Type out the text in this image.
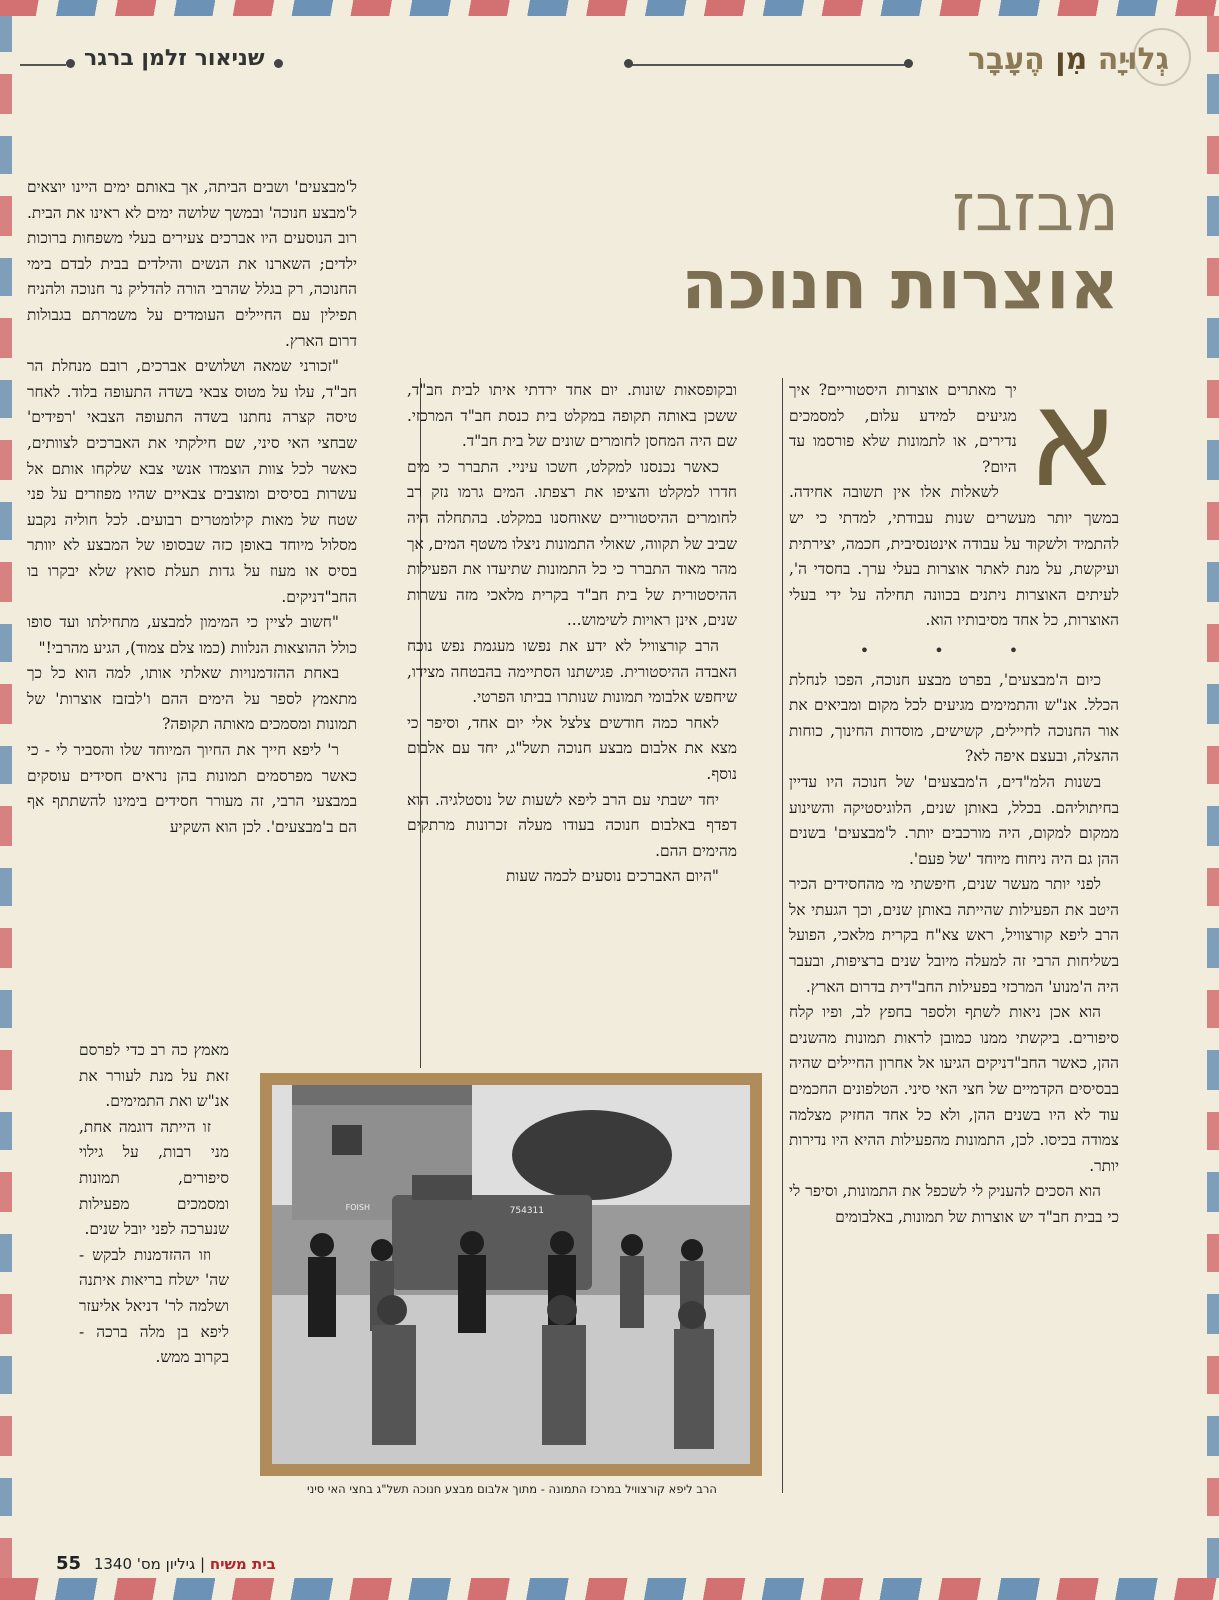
גְלוּיָה מִן הֶעָבָר
שניאור זלמן ברגר
מבזבז
אוצרות חנוכה
א

יך מאתרים אוצרות היסטוריים? איך מגיעים למידע עלום, למסמכים נדירים, או לתמונות שלא פורסמו עד היום?

לשאלות אלו אין תשובה אחידה. במשך יותר מעשרים שנות עבודתי, למדתי כי יש להתמיד ולשקוד על עבודה אינטנסיבית, חכמה, יצירתית ועיקשת, על מנת לאתר אוצרות בעלי ערך. בחסדי ה', לעיתים האוצרות ניתנים בכוונה תחילה על ידי בעלי האוצרות, כל אחד מסיבותיו הוא.

• • •

כיום ה'מבצעים', בפרט מבצע חנוכה, הפכו לנחלת הכלל. אנ"ש והתמימים מגיעים לכל מקום ומביאים את אור החנוכה לחיילים, קשישים, מוסדות החינוך, כוחות ההצלה, ובעצם איפה לא?

בשנות הלמ"דים, ה'מבצעים' של חנוכה היו עדיין בחיתוליהם. בכלל, באותן שנים, הלוגיסטיקה והשינוע ממקום למקום, היה מורכבים יותר. ל'מבצעים' בשנים ההן גם היה ניחוח מיוחד 'של פעם'.

לפני יותר מעשר שנים, חיפשתי מי מהחסידים הכיר היטב את הפעילות שהייתה באותן שנים, וכך הגעתי אל הרב ליפא קורצוויל, ראש צא"ח בקרית מלאכי, הפועל בשליחות הרבי זה למעלה מיובל שנים ברציפות, ובעבר היה ה'מנוע' המרכזי בפעילות החב"דית בדרום הארץ.

הוא אכן ניאות לשתף ולספר בחפץ לב, ופיו קלח סיפורים. ביקשתי ממנו כמובן לראות תמונות מהשנים ההן, כאשר החב"דניקים הגיעו אל אחרון החיילים שהיה בבסיסים הקדמיים של חצי האי סיני. הטלפונים החכמים עוד לא היו בשנים ההן, ולא כל אחד החזיק מצלמה צמודה בכיסו. לכן, התמונות מהפעילות ההיא היו נדירות יותר.

הוא הסכים להעניק לי לשכפל את התמונות, וסיפר לי כי בבית חב"ד יש אוצרות של תמונות, באלבומים

ובקופסאות שונות. יום אחד ירדתי איתו לבית חב"ד, ששכן באותה תקופה במקלט בית כנסת חב"ד המרכזי. שם היה המחסן לחומרים שונים של בית חב"ד.

כאשר נכנסנו למקלט, חשכו עיניי. התברר כי מים חדרו למקלט והציפו את רצפתו. המים גרמו נזק רב לחומרים ההיסטוריים שאוחסנו במקלט. בהתחלה היה שביב של תקווה, שאולי התמונות ניצלו משטף המים, אך מהר מאוד התברר כי כל התמונות שתיעדו את הפעילות ההיסטורית של בית חב"ד בקרית מלאכי מזה עשרות שנים, אינן ראויות לשימוש...

הרב קורצוויל לא ידע את נפשו מעגמת נפש נוכח האבדה ההיסטורית. פגישתנו הסתיימה בהבטחה מצידו, שיחפש אלבומי תמונות שנותרו בביתו הפרטי.

לאחר כמה חודשים צלצל אלי יום אחד, וסיפר כי מצא את אלבום מבצע חנוכה תשל"ג, יחד עם אלבום נוסף.

יחד ישבתי עם הרב ליפא לשעות של נוסטלגיה. הוא דפדף באלבום חנוכה בעודו מעלה זכרונות מרתקים מהימים ההם.

"היום האברכים נוסעים לכמה שעות

ל'מבצעים' ושבים הביתה, אך באותם ימים היינו יוצאים ל'מבצע חנוכה' ובמשך שלושה ימים לא ראינו את הבית. רוב הנוסעים היו אברכים צעירים בעלי משפחות ברוכות ילדים; השארנו את הנשים והילדים בבית לבדם בימי החנוכה, רק בגלל שהרבי הורה להדליק נר חנוכה ולהניח תפילין עם החיילים העומדים על משמרתם בגבולות דרום הארץ.

"זכורני שמאה ושלושים אברכים, רובם מנחלת הר חב"ד, עלו על מטוס צבאי בשדה התעופה בלוד. לאחר טיסה קצרה נחתנו בשדה התעופה הצבאי 'רפידים' שבחצי האי סיני, שם חילקתי את האברכים לצוותים, כאשר לכל צוות הוצמדו אנשי צבא שלקחו אותם אל עשרות בסיסים ומוצבים צבאיים שהיו מפוזרים על פני שטח של מאות קילומטרים רבועים. לכל חוליה נקבע מסלול מיוחד באופן כזה שבסופו של המבצע לא יוותר בסיס או מעוז על גדות תעלת סואץ שלא יבקרו בו החב"דניקים.

"חשוב לציין כי המימון למבצע, מתחילתו ועד סופו כולל ההוצאות הנלוות (כמו צלם צמוד), הגיע מהרבי!"

באחת ההזדמנויות שאלתי אותו, למה הוא כל כך מתאמץ לספר על הימים ההם ו'לבזבז אוצרות' של תמונות ומסמכים מאותה תקופה?

ר' ליפא חייך את החיוך המיוחד שלו והסביר לי - כי כאשר מפרסמים תמונות בהן נראים חסידים עוסקים במבצעי הרבי, זה מעורר חסידים בימינו להשתתף אף הם ב'מבצעים'. לכן הוא השקיע

מאמץ כה רב כדי לפרסם זאת על מנת לעורר את אנ"ש ואת התמימים.

זו הייתה דוגמה אחת, מני רבות, על גילוי סיפורים, תמונות ומסמכים מפעילות שנערכה לפני יובל שנים.

וזו ההזדמנות לבקש - שה' ישלח בריאות איתנה ושלמה לר' דניאל אליעזר ליפא בן מלה ברכה - בקרוב ממש.

754311
FOISH
הרב ליפא קורצוויל במרכז התמונה - מתוך אלבום מבצע חנוכה תשל"ג בחצי האי סיני
55	בית משיח | גיליון מס' 1340
